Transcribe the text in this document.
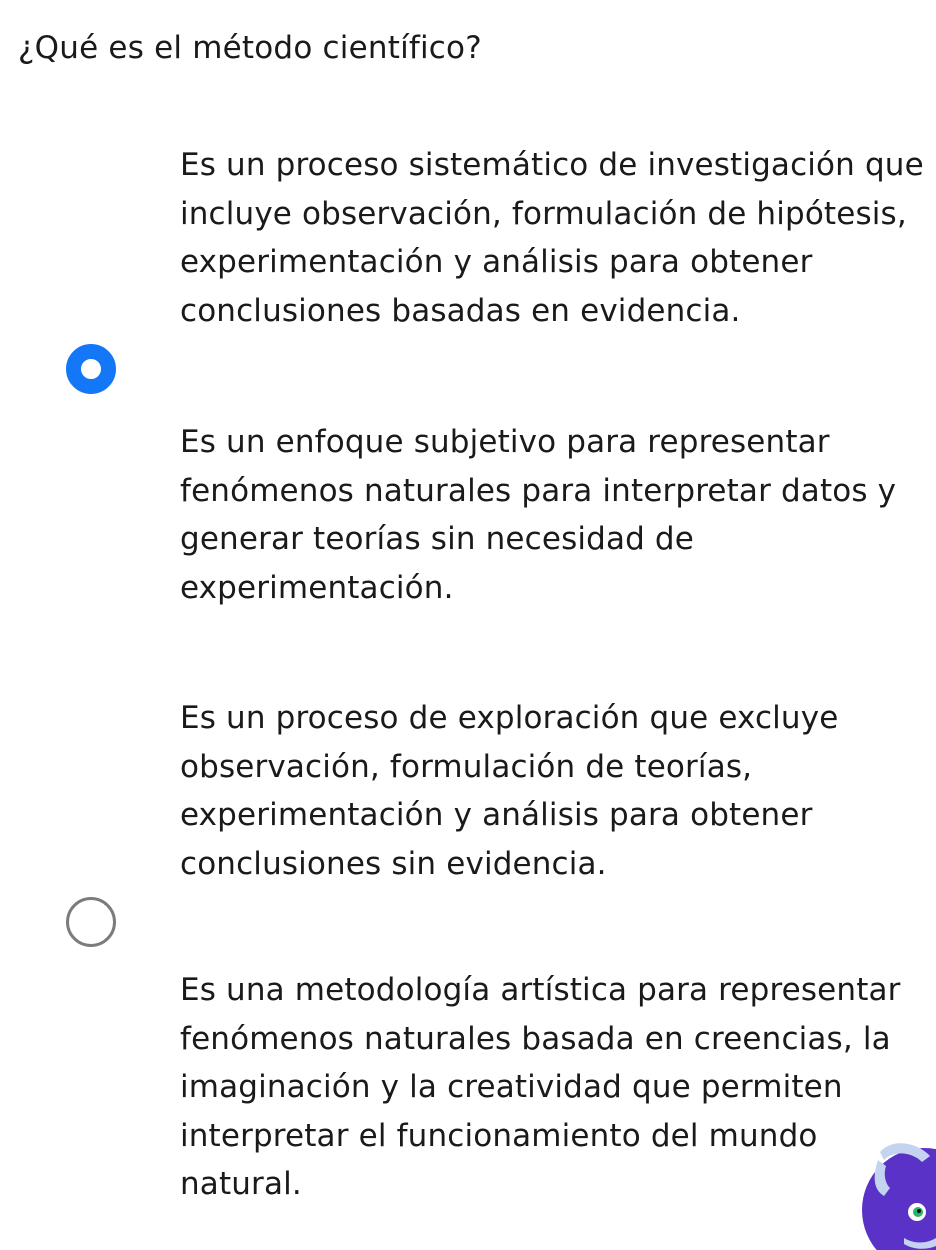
¿Qué es el método científico?
Es un proceso sistemático de investigación que incluye observación, formulación de hipótesis, experimentación y análisis para obtener conclusiones basadas en evidencia.
Es un enfoque subjetivo para representar fenómenos naturales para interpretar datos y generar teorías sin necesidad de experimentación.
Es un proceso de exploración que excluye observación, formulación de teorías, experimentación y análisis para obtener conclusiones sin evidencia.
Es una metodología artística para representar fenómenos naturales basada en creencias, la imaginación y la creatividad que permiten interpretar el funcionamiento del mundo natural.
